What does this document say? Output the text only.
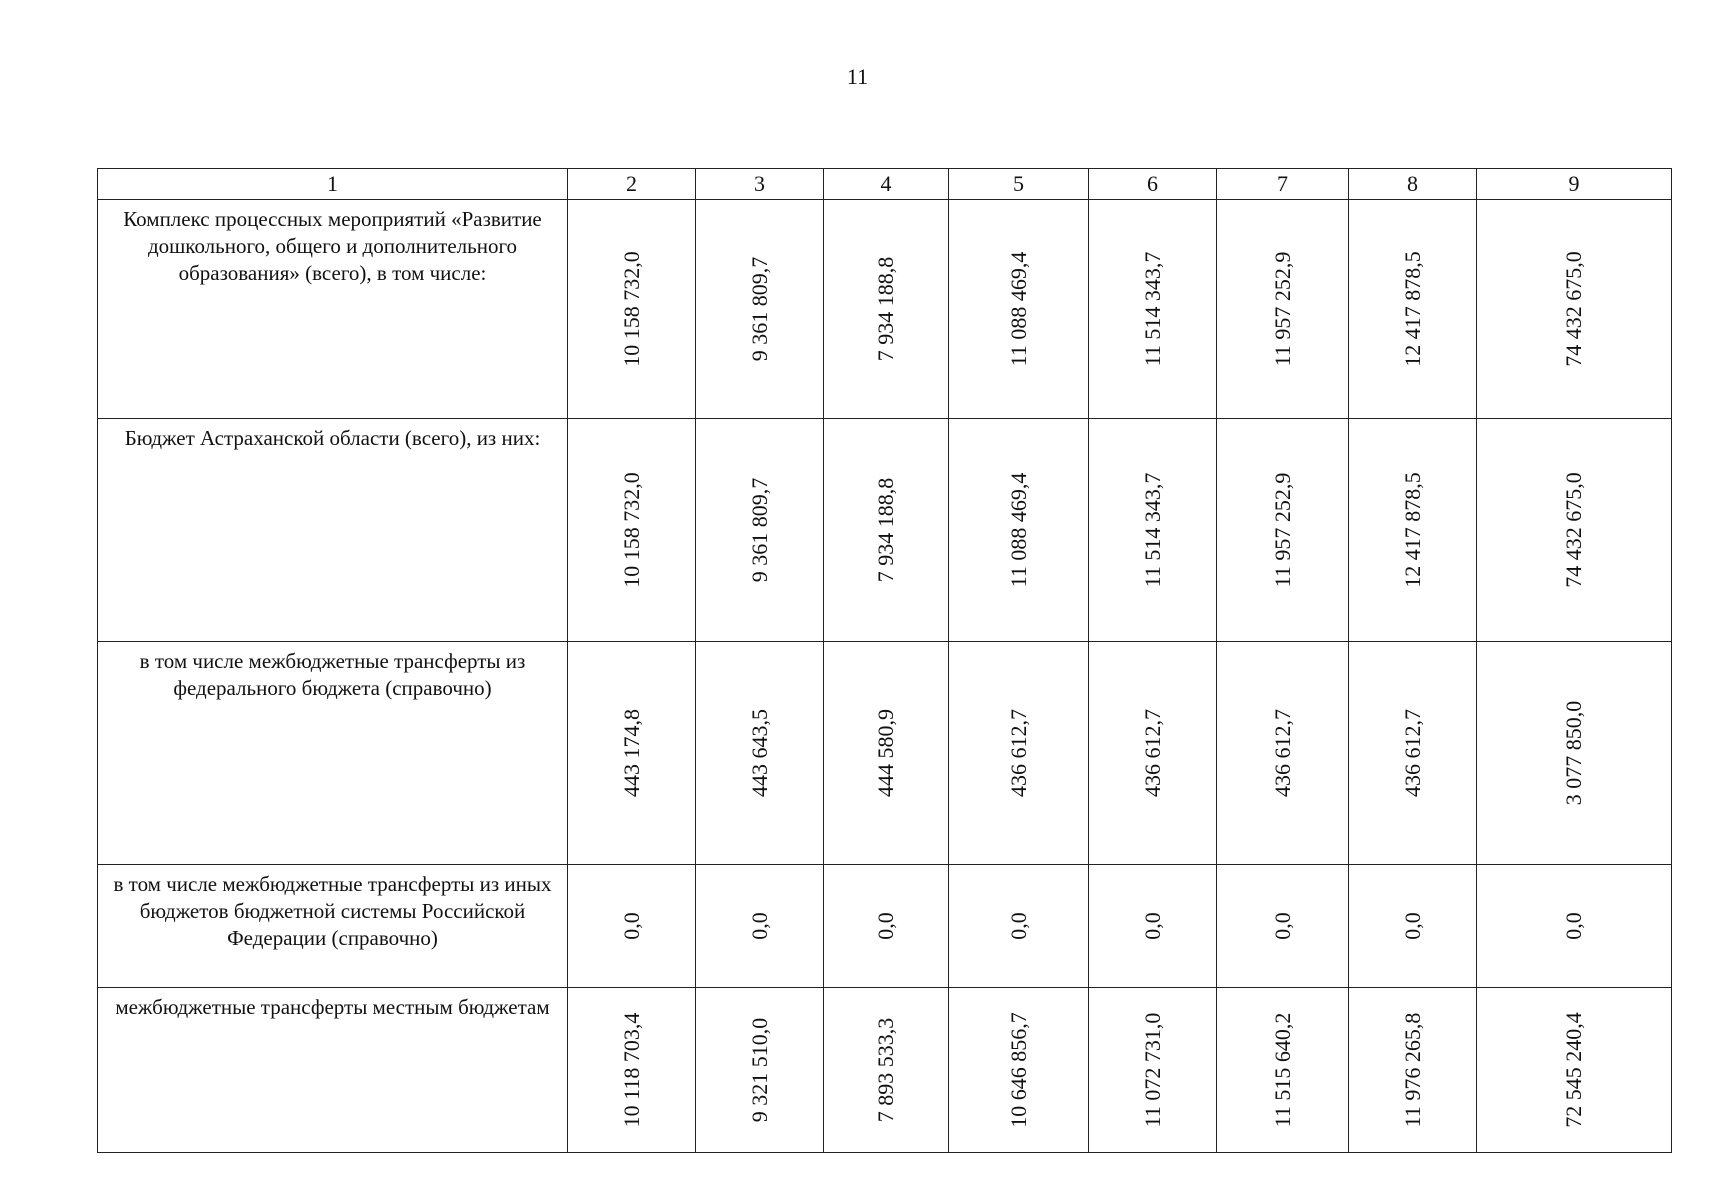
11
1	2	3	4	5	6	7	8	9
Комплекс процессных мероприятий «Развитие дошкольного, общего и дополнительного образования» (всего), в том числе:	10 158 732,0	9 361 809,7	7 934 188,8	11 088 469,4	11 514 343,7	11 957 252,9	12 417 878,5	74 432 675,0

Бюджет Астраханской области (всего), из них:	10 158 732,0	9 361 809,7	7 934 188,8	11 088 469,4	11 514 343,7	11 957 252,9	12 417 878,5	74 432 675,0

в том числе межбюджетные трансферты из федерального бюджета (справочно)	443 174,8	443 643,5	444 580,9	436 612,7	436 612,7	436 612,7	436 612,7	3 077 850,0

в том числе межбюджетные трансферты из иных бюджетов бюджетной системы Российской Федерации (справочно)	0,0	0,0	0,0	0,0	0,0	0,0	0,0	0,0

межбюджетные трансферты местным бюджетам	10 118 703,4	9 321 510,0	7 893 533,3	10 646 856,7	11 072 731,0	11 515 640,2	11 976 265,8	72 545 240,4
